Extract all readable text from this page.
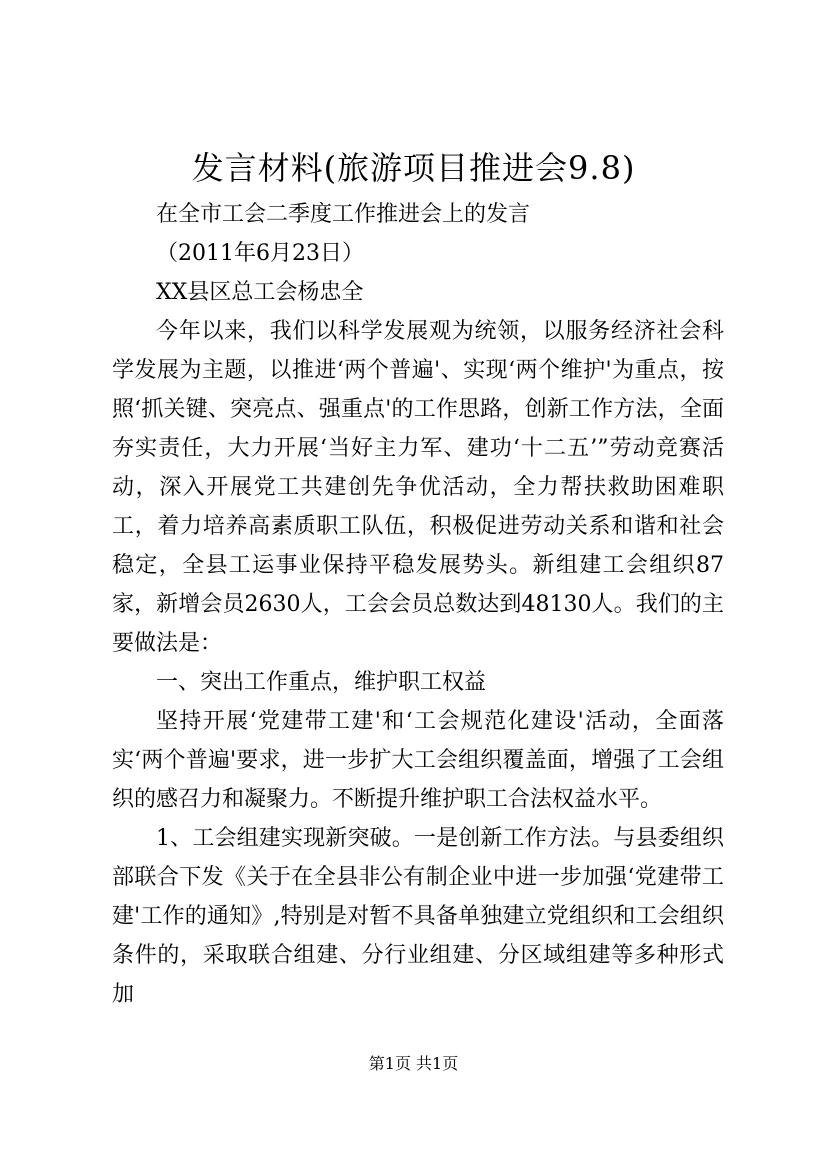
发言材料(旅游项目推进会9.8)

在全市工会二季度工作推进会上的发言

（2011年6月23日）

XX县区总工会杨忠全

今年以来，我们以科学发展观为统领，以服务经济社会科学发展为主题，以推进‘两个普遍'、实现‘两个维护'为重点，按照‘抓关键、突亮点、强重点'的工作思路，创新工作方法，全面夯实责任，大力开展‘当好主力军、建功‘十二五’”劳动竞赛活动，深入开展党工共建创先争优活动，全力帮扶救助困难职工，着力培养高素质职工队伍，积极促进劳动关系和谐和社会稳定，全县工运事业保持平稳发展势头。新组建工会组织87家，新增会员2630人，工会会员总数达到48130人。我们的主要做法是：

一、突出工作重点，维护职工权益

坚持开展‘党建带工建'和‘工会规范化建设'活动，全面落实‘两个普遍'要求，进一步扩大工会组织覆盖面，增强了工会组织的感召力和凝聚力。不断提升维护职工合法权益水平。

1、工会组建实现新突破。一是创新工作方法。与县委组织部联合下发《关于在全县非公有制企业中进一步加强‘党建带工建'工作的通知》,特别是对暂不具备单独建立党组织和工会组织条件的，采取联合组建、分行业组建、分区域组建等多种形式加

第1页 共1页
